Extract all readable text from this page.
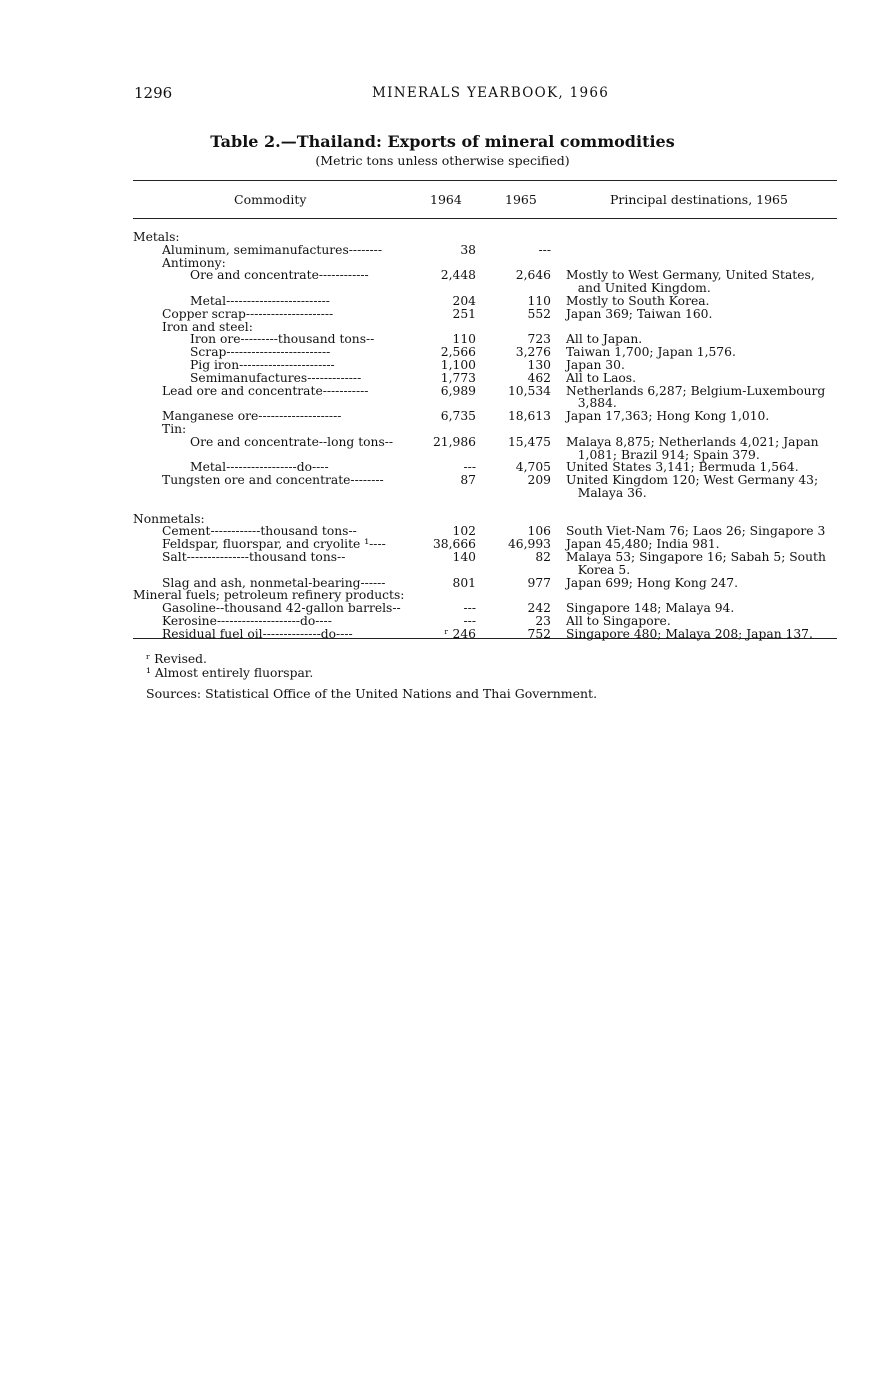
1296	MINERALS YEARBOOK, 1966
Table 2.—Thailand: Exports of mineral commodities
(Metric tons unless otherwise specified)
Commodity	1964	1965	Principal destinations, 1965
Metals:
Aluminum, semimanufactures--------	38	---
Antimony:
Ore and concentrate------------	2,448	2,646 Mostly to West Germany, United States,
and United Kingdom.
Metal-------------------------	204	110 Mostly to South Korea.
Copper scrap---------------------	251	552 Japan 369; Taiwan 160.
Iron and steel:
Iron ore---------thousand tons--	110	723 All to Japan.
Scrap-------------------------	2,566	3,276 Taiwan 1,700; Japan 1,576.
Pig iron-----------------------	1,100	130 Japan 30.
Semimanufactures-------------	1,773	462 All to Laos.
Lead ore and concentrate-----------	6,989	10,534 Netherlands 6,287; Belgium-Luxembourg
3,884.
Manganese ore--------------------	6,735	18,613 Japan 17,363; Hong Kong 1,010.
Tin:
Ore and concentrate--long tons--	21,986	15,475 Malaya 8,875; Netherlands 4,021; Japan
1,081; Brazil 914; Spain 379.
Metal-----------------do----	---	4,705 United States 3,141; Bermuda 1,564.
Tungsten ore and concentrate--------	87	209 United Kingdom 120; West Germany 43;
Malaya 36.
Nonmetals:
Cement------------thousand tons--	102	106 South Viet-Nam 76; Laos 26; Singapore 3
Feldspar, fluorspar, and cryolite ¹----	38,666	46,993 Japan 45,480; India 981.
Salt---------------thousand tons--	140	82 Malaya 53; Singapore 16; Sabah 5; South
Korea 5.
Slag and ash, nonmetal-bearing------	801	977 Japan 699; Hong Kong 247.
Mineral fuels; petroleum refinery products:
Gasoline--thousand 42-gallon barrels--	---	242 Singapore 148; Malaya 94.
Kerosine--------------------do----	---	23 All to Singapore.
Residual fuel oil--------------do----	ʳ 246	752 Singapore 480; Malaya 208; Japan 137.
ʳ Revised.
¹ Almost entirely fluorspar.
Sources: Statistical Office of the United Nations and Thai Government.
